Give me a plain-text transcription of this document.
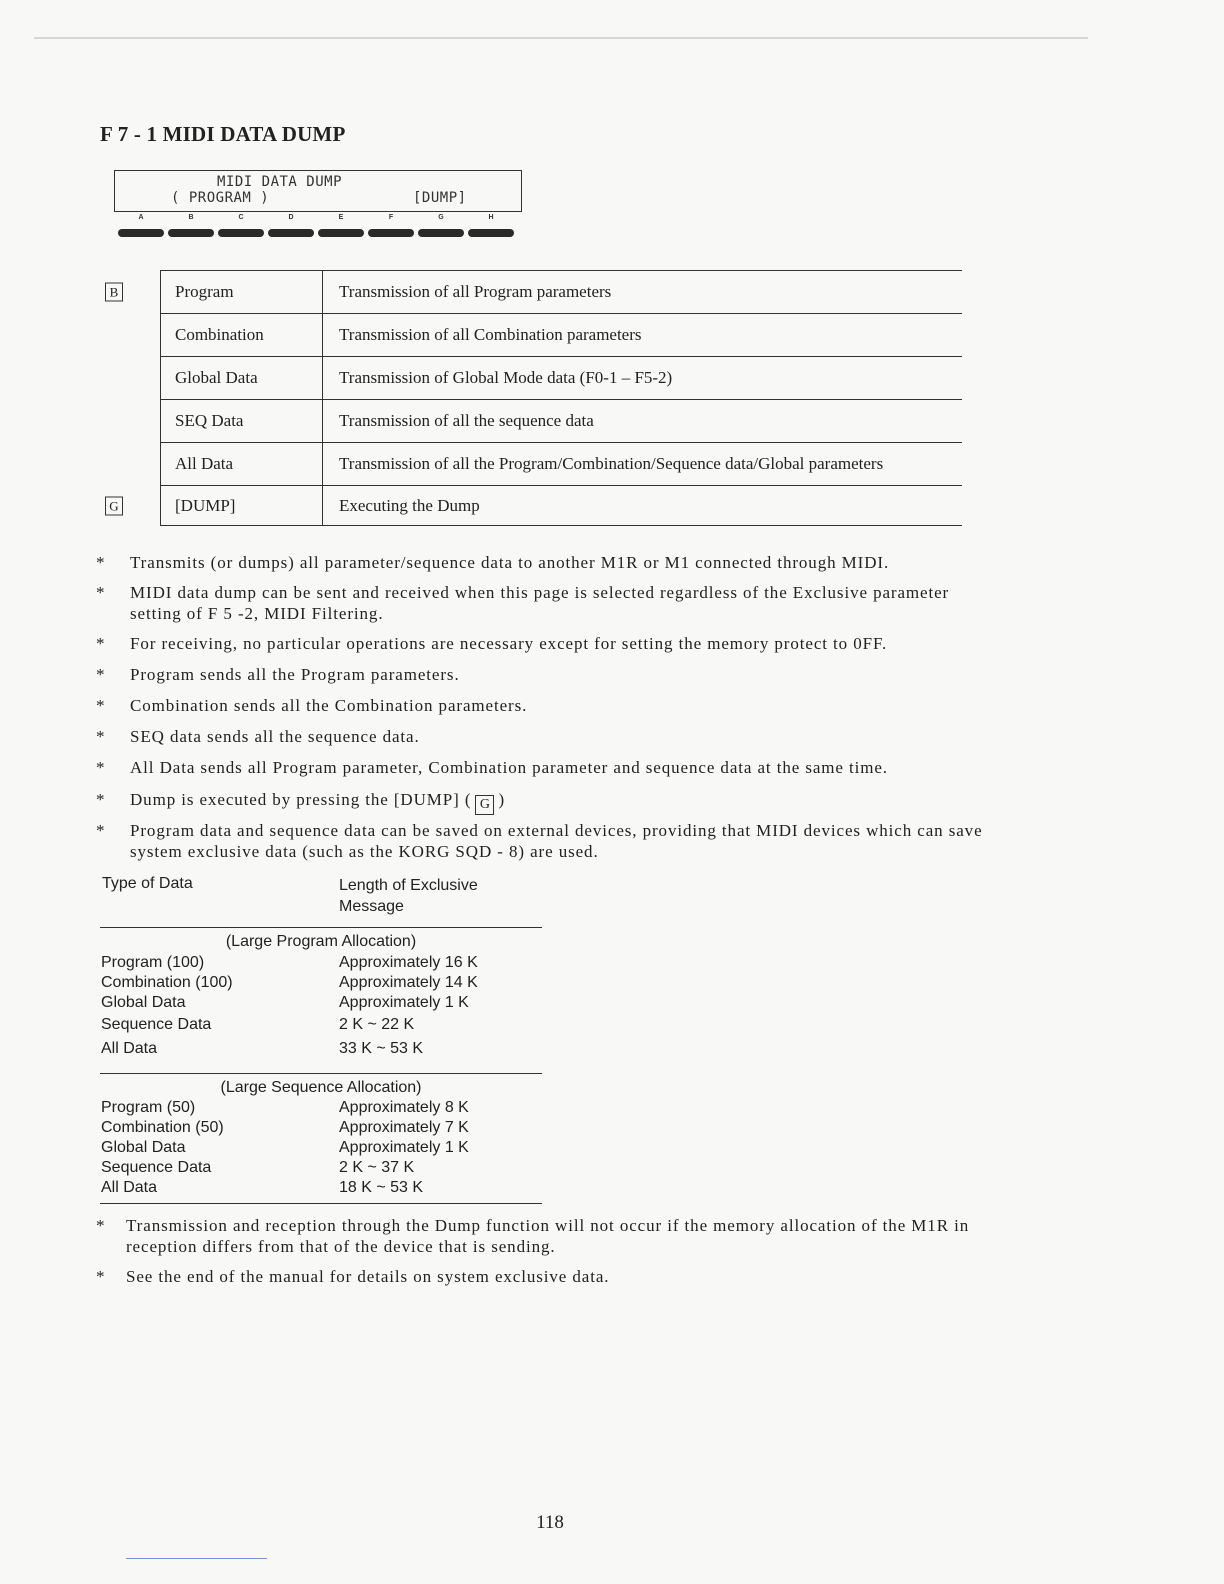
F 7 - 1 MIDI DATA DUMP
MIDI DATA DUMP
( PROGRAM )	[DUMP]
A	B	C	D	E	F	G	H
B	Program	Transmission of all Program parameters
Combination	Transmission of all Combination parameters
Global Data	Transmission of Global Mode data (F0-1 – F5-2)
SEQ Data	Transmission of all the sequence data
All Data	Transmission of all the Program/Combination/Sequence data/Global parameters
G	[DUMP]	Executing the Dump
* Transmits (or dumps) all parameter/sequence data to another M1R or M1 connected through MIDI.
* MIDI data dump can be sent and received when this page is selected regardless of the Exclusive parameter setting of F 5 -2, MIDI Filtering.
* For receiving, no particular operations are necessary except for setting the memory protect to 0FF.
* Program sends all the Program parameters.
* Combination sends all the Combination parameters.
* SEQ data sends all the sequence data.
* All Data sends all Program parameter, Combination parameter and sequence data at the same time.
* Dump is executed by pressing the [DUMP] ( G )
* Program data and sequence data can be saved on external devices, providing that MIDI devices which can save system exclusive data (such as the KORG SQD - 8) are used.
Type of Data	Length of Exclusive Message
(Large Program Allocation)
Program (100)	Approximately 16 K
Combination (100)	Approximately 14 K
Global Data	Approximately 1 K
Sequence Data	2 K ~ 22 K
All Data	33 K ~ 53 K
(Large Sequence Allocation)
Program (50)	Approximately 8 K
Combination (50)	Approximately 7 K
Global Data	Approximately 1 K
Sequence Data	2 K ~ 37 K
All Data	18 K ~ 53 K
* Transmission and reception through the Dump function will not occur if the memory allocation of the M1R in reception differs from that of the device that is sending.
* See the end of the manual for details on system exclusive data.
118
